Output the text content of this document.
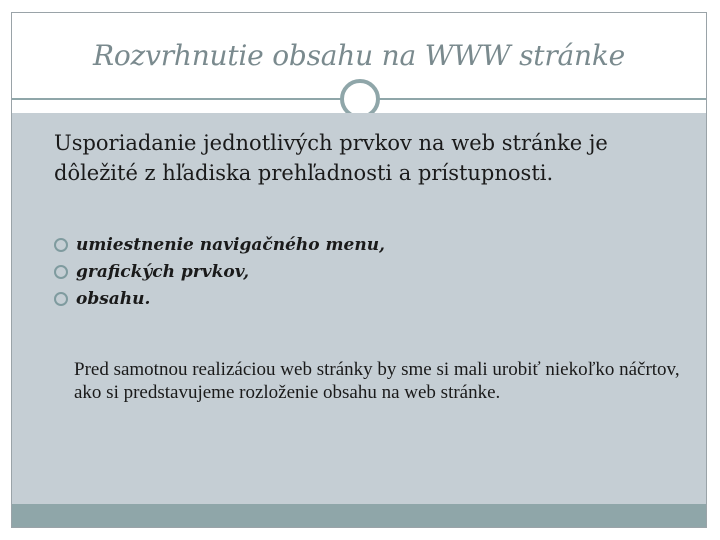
Rozvrhnutie obsahu na WWW stránke
Usporiadanie jednotlivých prvkov na web stránke je dôležité z hľadiska prehľadnosti a prístupnosti.
umiestnenie navigačného menu,
grafických prvkov,
obsahu.
Pred samotnou realizáciou web stránky by sme si mali urobiť niekoľko náčrtov, ako si predstavujeme rozloženie obsahu na web stránke.
